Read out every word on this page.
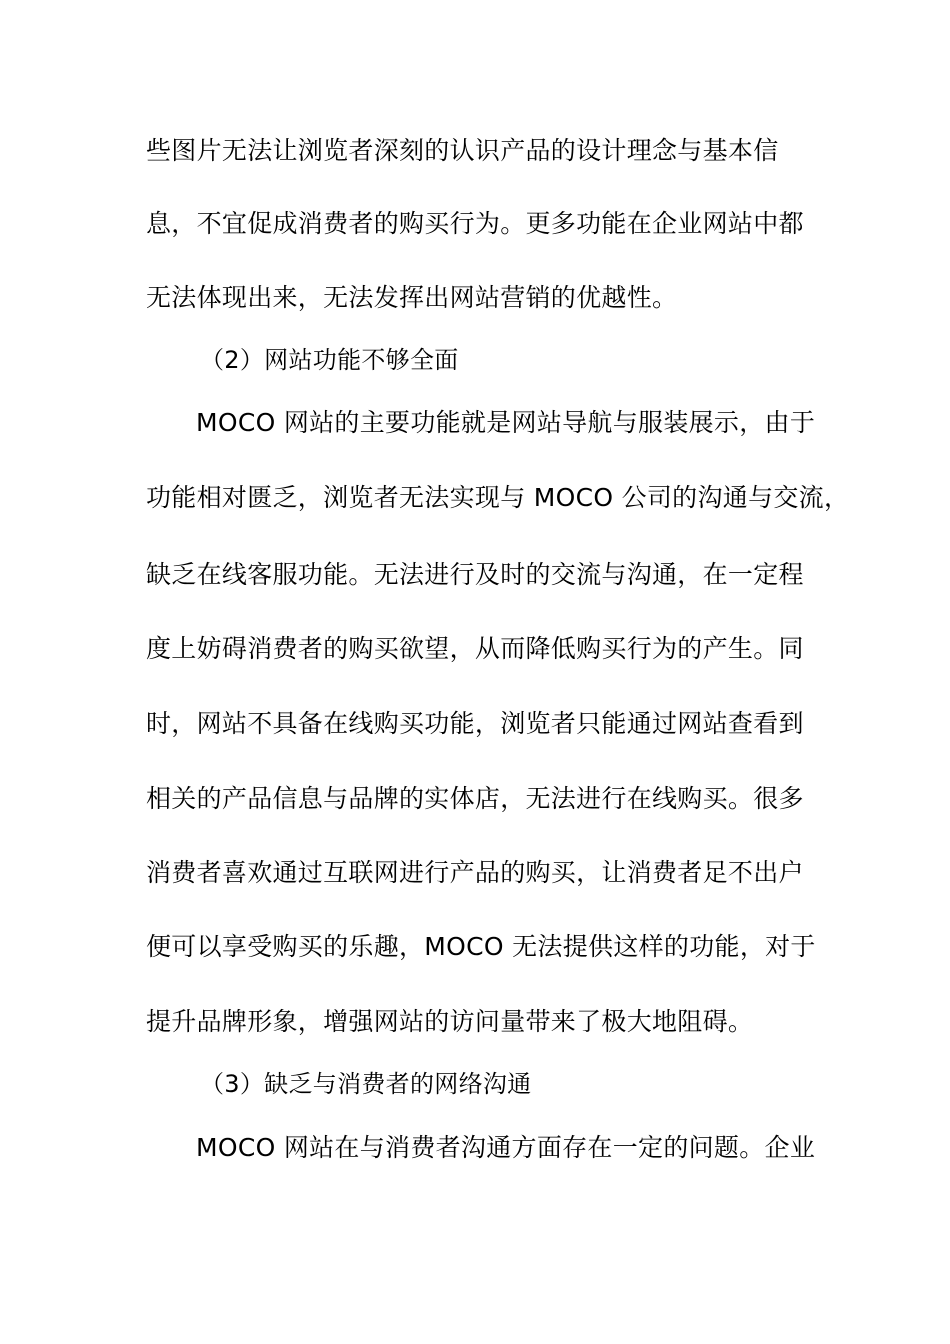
些图片无法让浏览者深刻的认识产品的设计理念与基本信
息，不宜促成消费者的购买行为。更多功能在企业网站中都
无法体现出来，无法发挥出网站营销的优越性。
（2）网站功能不够全面
MOCO 网站的主要功能就是网站导航与服装展示，由于
功能相对匮乏，浏览者无法实现与 MOCO 公司的沟通与交流，
缺乏在线客服功能。无法进行及时的交流与沟通，在一定程
度上妨碍消费者的购买欲望，从而降低购买行为的产生。同
时，网站不具备在线购买功能，浏览者只能通过网站查看到
相关的产品信息与品牌的实体店，无法进行在线购买。很多
消费者喜欢通过互联网进行产品的购买，让消费者足不出户
便可以享受购买的乐趣，MOCO 无法提供这样的功能，对于
提升品牌形象，增强网站的访问量带来了极大地阻碍。
（3）缺乏与消费者的网络沟通
MOCO 网站在与消费者沟通方面存在一定的问题。企业
